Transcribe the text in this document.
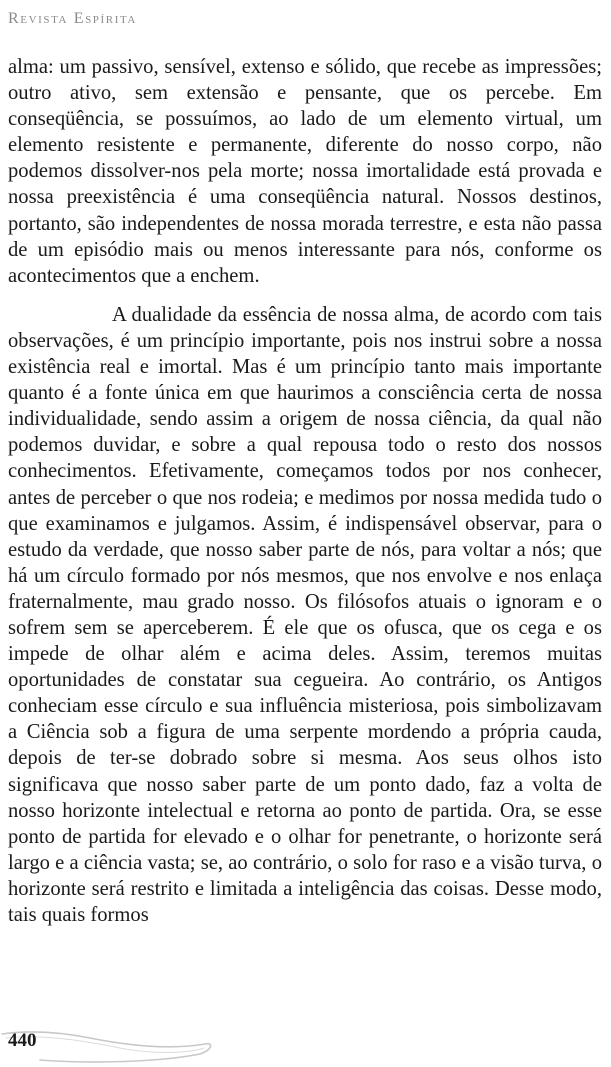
Revista Espírita

alma: um passivo, sensível, extenso e sólido, que recebe as impressões; outro ativo, sem extensão e pensante, que os percebe. Em conseqüência, se possuímos, ao lado de um elemento virtual, um elemento resistente e permanente, diferente do nosso corpo, não podemos dissolver-nos pela morte; nossa imortalidade está provada e nossa preexistência é uma conseqüência natural. Nossos destinos, portanto, são independentes de nossa morada terrestre, e esta não passa de um episódio mais ou menos interessante para nós, conforme os acontecimentos que a enchem.

A dualidade da essência de nossa alma, de acordo com tais observações, é um princípio importante, pois nos instrui sobre a nossa existência real e imortal. Mas é um princípio tanto mais importante quanto é a fonte única em que haurimos a consciência certa de nossa individualidade, sendo assim a origem de nossa ciência, da qual não podemos duvidar, e sobre a qual repousa todo o resto dos nossos conhecimentos. Efetivamente, começamos todos por nos conhecer, antes de perceber o que nos rodeia; e medimos por nossa medida tudo o que examinamos e julgamos. Assim, é indispensável observar, para o estudo da verdade, que nosso saber parte de nós, para voltar a nós; que há um círculo formado por nós mesmos, que nos envolve e nos enlaça fraternalmente, mau grado nosso. Os filósofos atuais o ignoram e o sofrem sem se aperceberem. É ele que os ofusca, que os cega e os impede de olhar além e acima deles. Assim, teremos muitas oportunidades de constatar sua cegueira. Ao contrário, os Antigos conheciam esse círculo e sua influência misteriosa, pois simbolizavam a Ciência sob a figura de uma serpente mordendo a própria cauda, depois de ter-se dobrado sobre si mesma. Aos seus olhos isto significava que nosso saber parte de um ponto dado, faz a volta de nosso horizonte intelectual e retorna ao ponto de partida. Ora, se esse ponto de partida for elevado e o olhar for penetrante, o horizonte será largo e a ciência vasta; se, ao contrário, o solo for raso e a visão turva, o horizonte será restrito e limitada a inteligência das coisas. Desse modo, tais quais formos

440
